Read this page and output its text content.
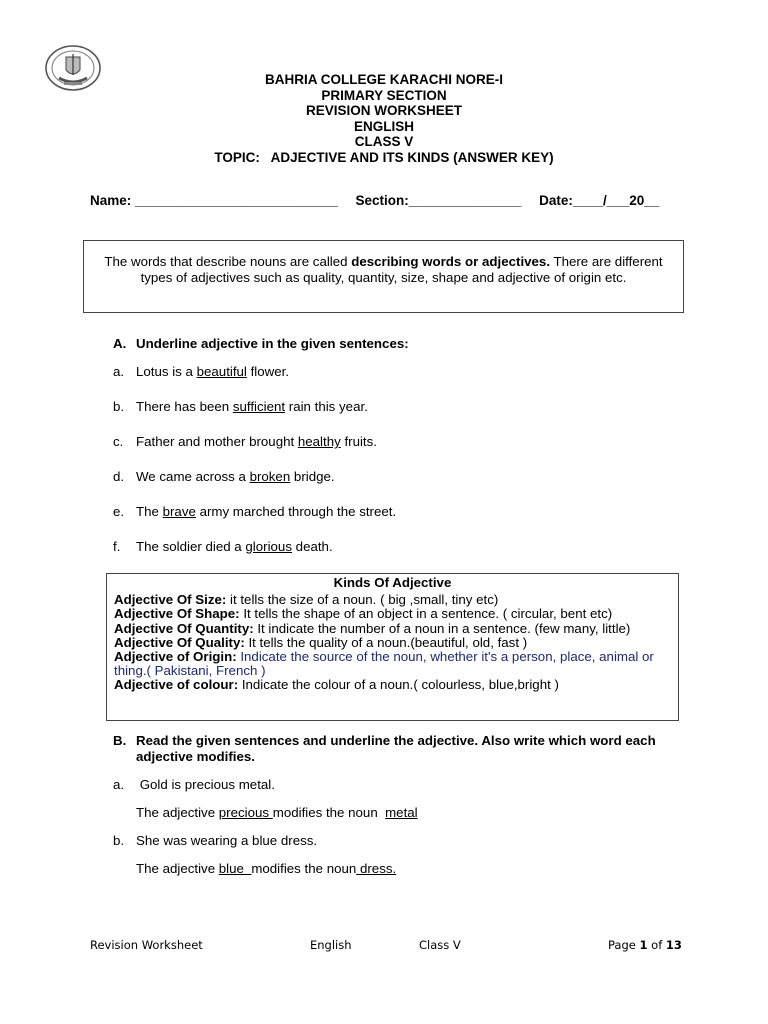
BAHRIA COLLEGE KARACHI NORE-I
PRIMARY SECTION
REVISION WORKSHEET
ENGLISH
CLASS V
TOPIC:   ADJECTIVE AND ITS KINDS (ANSWER KEY)
Name: ___________________________ Section:_______________ Date:____/___20__
The words that describe nouns are called describing words or adjectives. There are different types of adjectives such as quality, quantity, size, shape and adjective of origin etc.
A. Underline adjective in the given sentences:
a. Lotus is a beautiful flower.
b. There has been sufficient rain this year.
c. Father and mother brought healthy fruits.
d. We came across a broken bridge.
e. The brave army marched through the street.
f. The soldier died a glorious death.
Kinds Of Adjective
Adjective Of Size: it tells the size of a noun. ( big ,small, tiny etc)
Adjective Of Shape: It tells the shape of an object in a sentence. ( circular, bent etc)
Adjective Of Quantity: It indicate the number of a noun in a sentence. (few many, little)
Adjective Of Quality: It tells the quality of a noun.(beautiful, old, fast )
Adjective of Origin: Indicate the source of the noun, whether it's a person, place, animal or thing.( Pakistani, French )
Adjective of colour: Indicate the colour of a noun.( colourless, blue,bright )
B. Read the given sentences and underline the adjective. Also write which word each adjective modifies.
a. Gold is precious metal.
The adjective precious modifies the noun  metal
b. She was wearing a blue dress.
The adjective blue  modifies the noun dress.
Revision Worksheet	English	Class V	Page 1 of 13
